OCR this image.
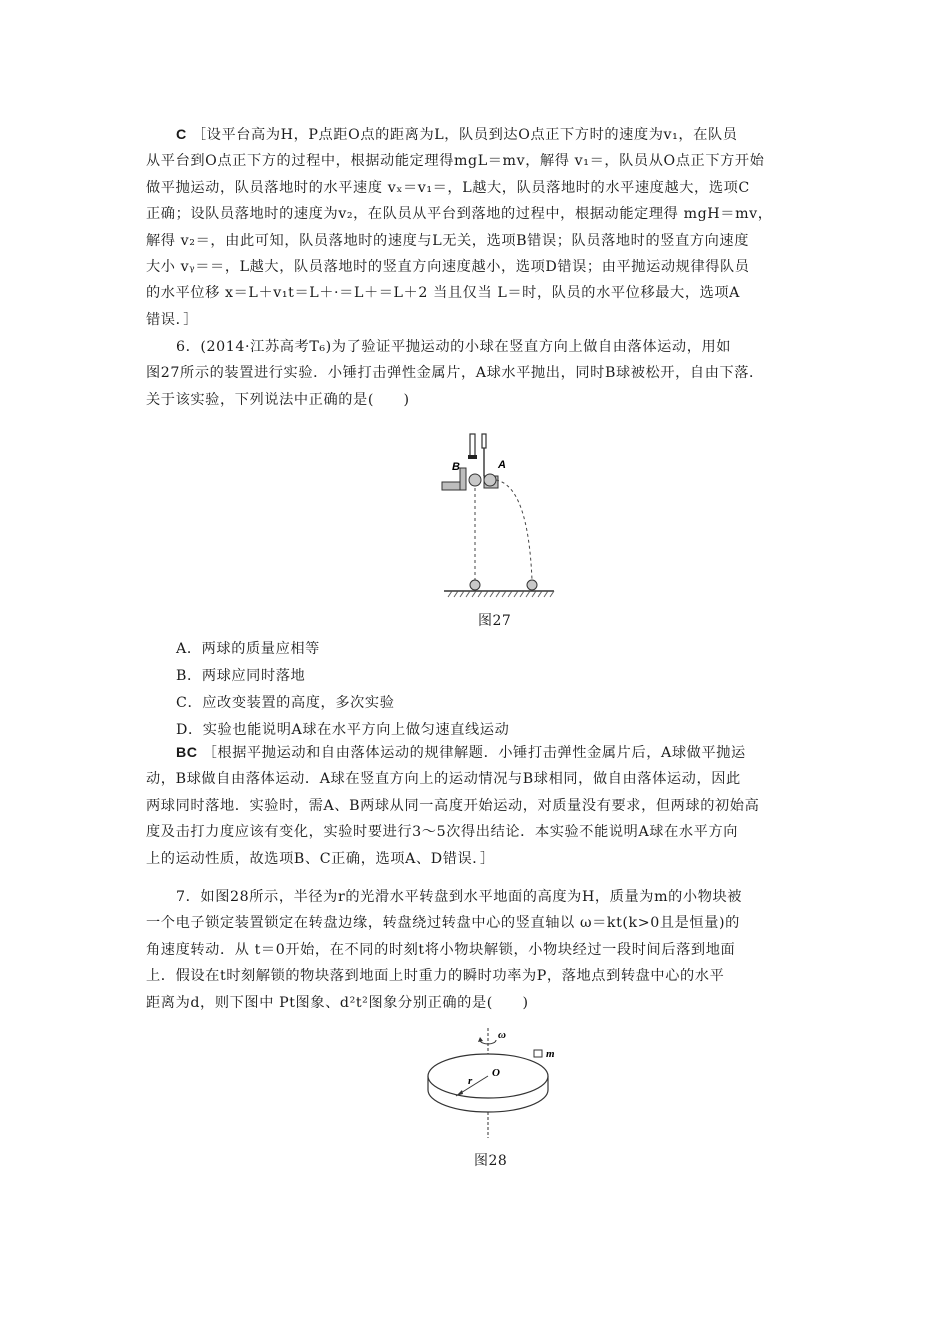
C ［设平台高为H，P点距O点的距离为L，队员到达O点正下方时的速度为v₁，在队员
从平台到O点正下方的过程中，根据动能定理得mgL＝mv，解得 v₁＝，队员从O点正下方开始
做平抛运动，队员落地时的水平速度 vₓ＝v₁＝，L越大，队员落地时的水平速度越大，选项C
正确；设队员落地时的速度为v₂，在队员从平台到落地的过程中，根据动能定理得 mgH＝mv，
解得 v₂＝，由此可知，队员落地时的速度与L无关，选项B错误；队员落地时的竖直方向速度
大小 vᵧ＝＝，L越大，队员落地时的竖直方向速度越小，选项D错误；由平抛运动规律得队员
的水平位移 x＝L＋v₁t＝L＋·＝L＋＝L＋2 当且仅当 L＝时，队员的水平位移最大，选项A
错误．］
6．(2014·江苏高考T₆)为了验证平抛运动的小球在竖直方向上做自由落体运动，用如
图27所示的装置进行实验．小锤打击弹性金属片，A球水平抛出，同时B球被松开，自由下落．
关于该实验，下列说法中正确的是(　　)
B	A
图27
A．两球的质量应相等
B．两球应同时落地
C．应改变装置的高度，多次实验
D．实验也能说明A球在水平方向上做匀速直线运动
BC ［根据平抛运动和自由落体运动的规律解题．小锤打击弹性金属片后，A球做平抛运
动，B球做自由落体运动．A球在竖直方向上的运动情况与B球相同，做自由落体运动，因此
两球同时落地．实验时，需A、B两球从同一高度开始运动，对质量没有要求，但两球的初始高
度及击打力度应该有变化，实验时要进行3～5次得出结论．本实验不能说明A球在水平方向
上的运动性质，故选项B、C正确，选项A、D错误．］
7．如图28所示，半径为r的光滑水平转盘到水平地面的高度为H，质量为m的小物块被
一个电子锁定装置锁定在转盘边缘，转盘绕过转盘中心的竖直轴以 ω＝kt(k>0且是恒量)的
角速度转动．从 t＝0开始，在不同的时刻t将小物块解锁，小物块经过一段时间后落到地面
上．假设在t时刻解锁的物块落到地面上时重力的瞬时功率为P，落地点到转盘中心的水平
距离为d，则下图中 Pt图象、d²t²图象分别正确的是(　　)
ω
m
r
O
图28
